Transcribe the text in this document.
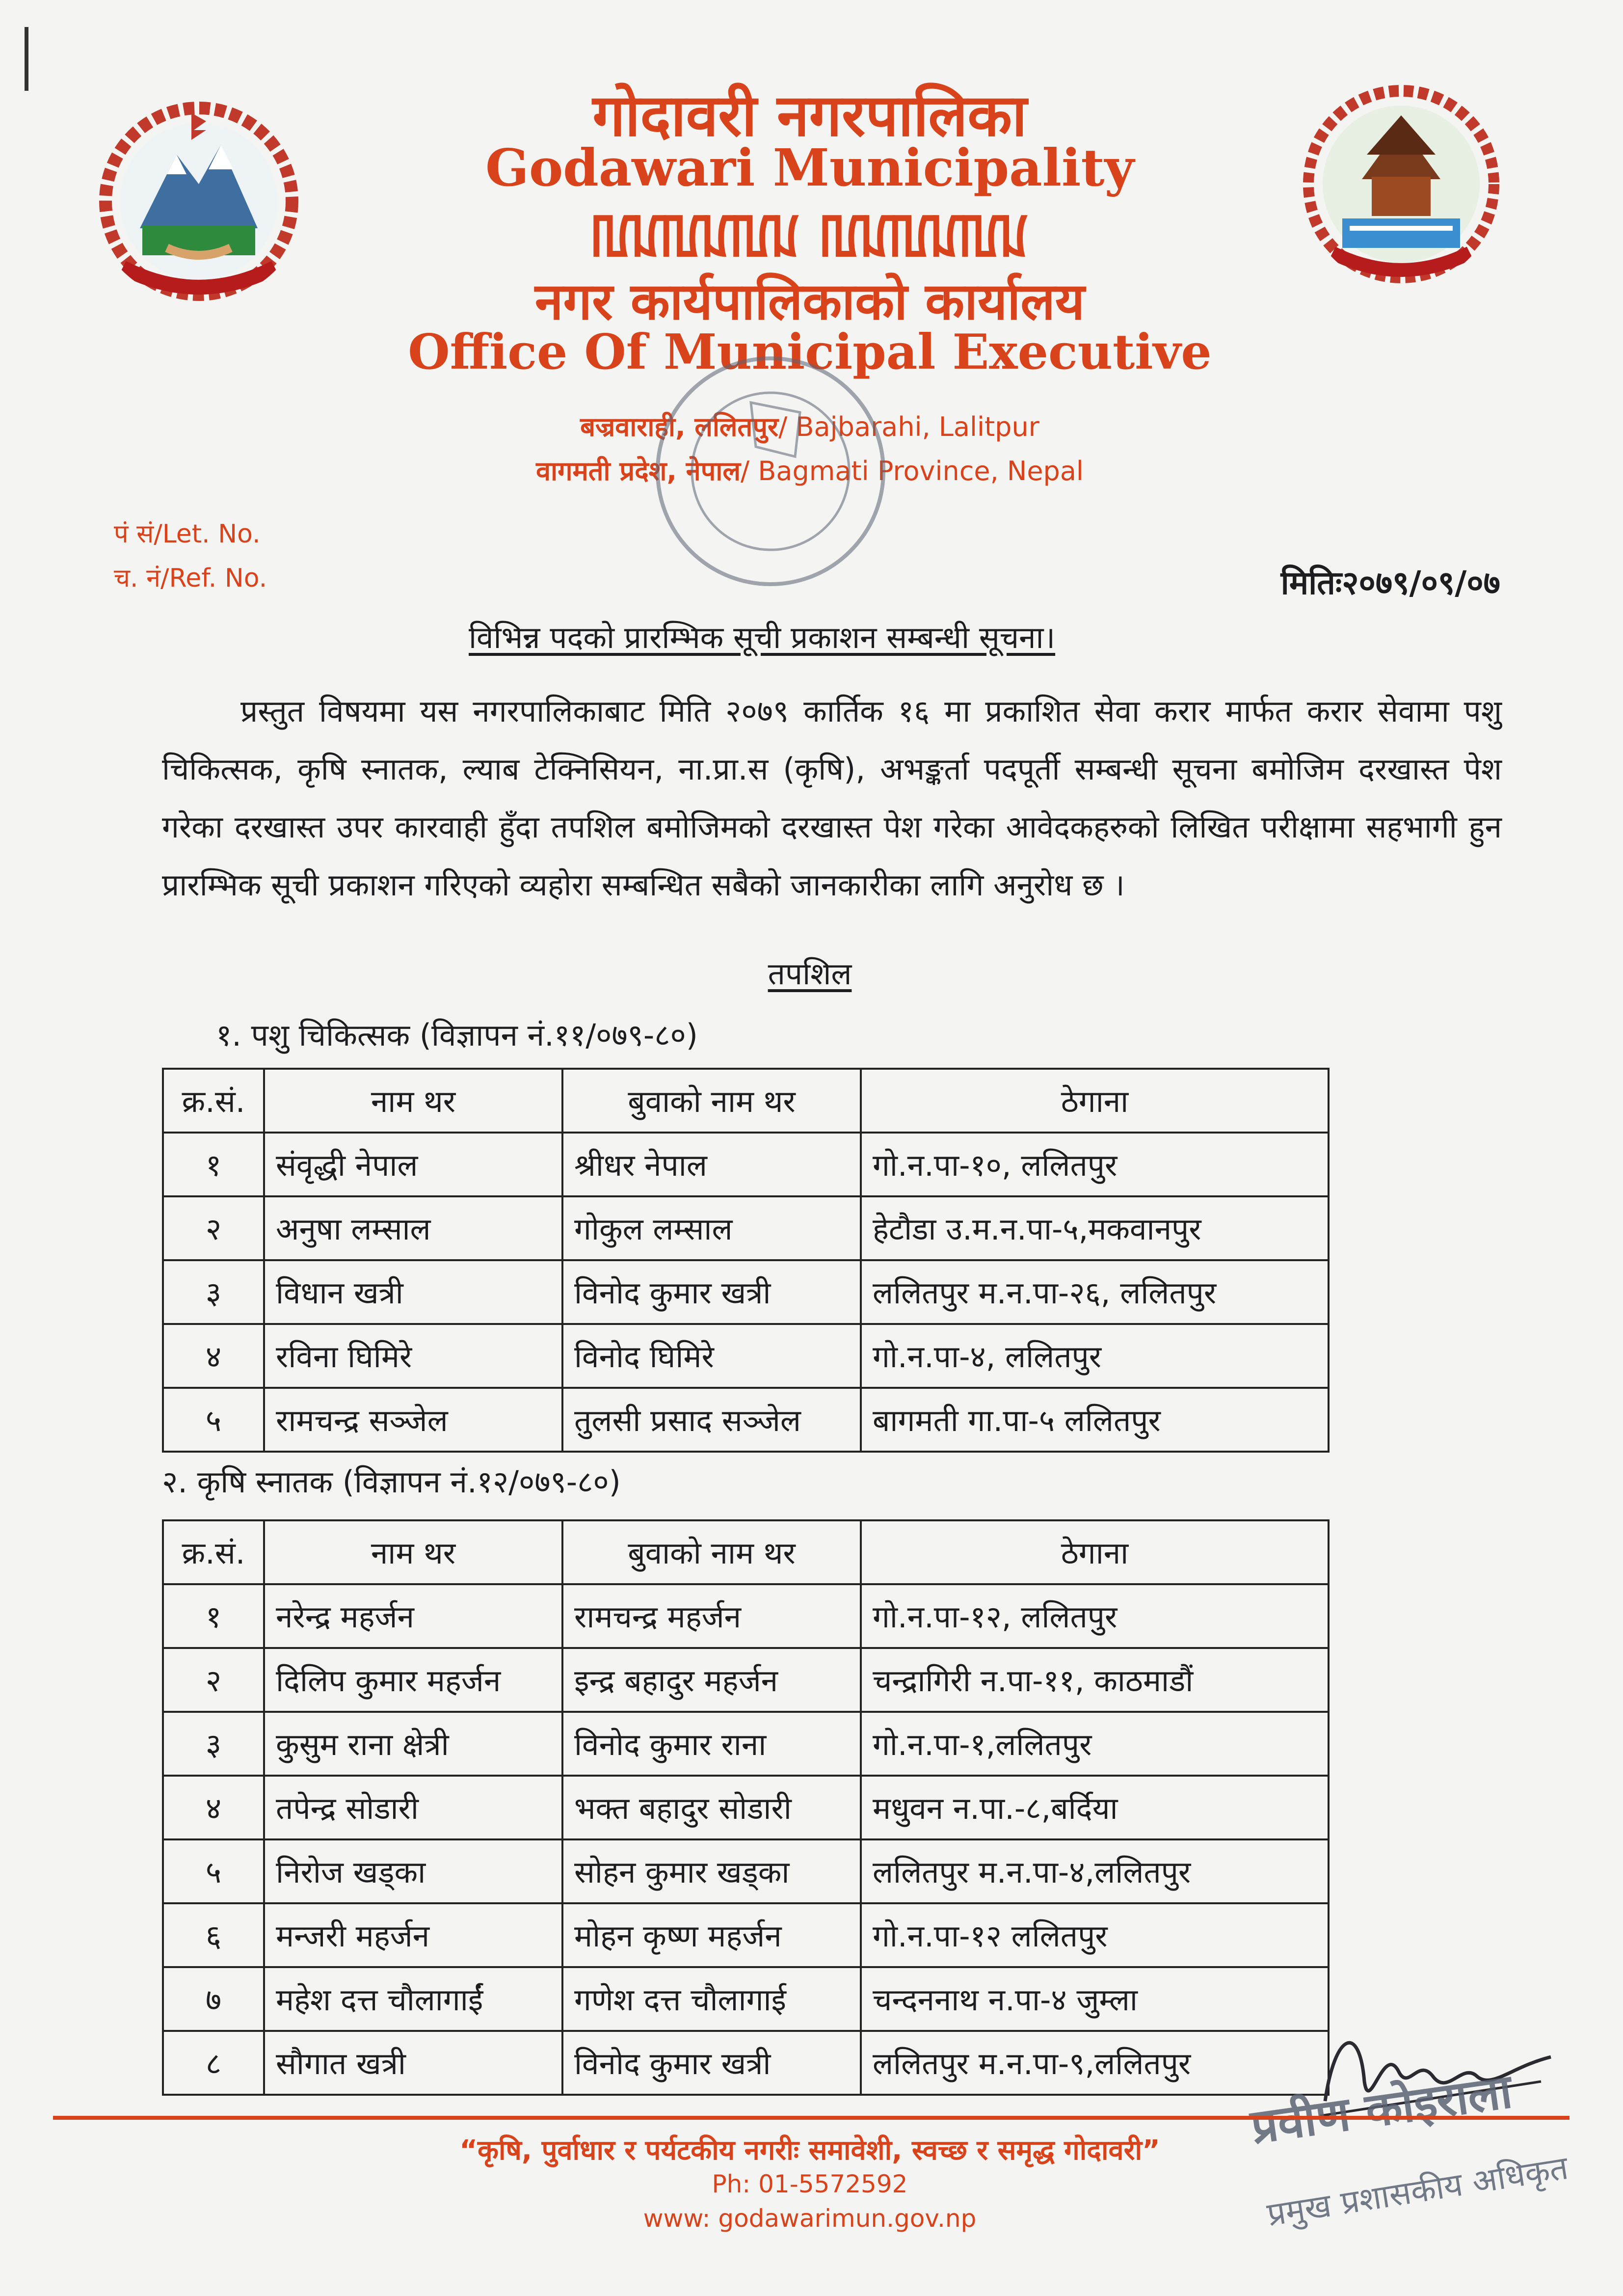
गोदावरी नगरपालिका
Godawari Municipality
ꡃꡊꡃꡊꡃꡊ ꡃꡊꡃꡊꡃꡊ
नगर कार्यपालिकाको कार्यालय
Office Of Municipal Executive
बज्रवाराही, ललितपुर/ Bajbarahi, Lalitpur
वागमती प्रदेश, नेपाल/ Bagmati Province, Nepal
पं सं/Let. No.
च. नं/Ref. No.	मितिः२०७९/०९/०७
विभिन्न पदको प्रारम्भिक सूची प्रकाशन सम्बन्धी सूचना।
प्रस्तुत विषयमा यस नगरपालिकाबाट मिति २०७९ कार्तिक १६ मा प्रकाशित सेवा करार मार्फत करार सेवामा पशु चिकित्सक, कृषि स्नातक, ल्याब टेक्निसियन, ना.प्रा.स (कृषि), अभङ्कर्ता पदपूर्ती सम्बन्धी सूचना बमोजिम दरखास्त पेश गरेका दरखास्त उपर कारवाही हुँदा तपशिल बमोजिमको दरखास्त पेश गरेका आवेदकहरुको लिखित परीक्षामा सहभागी हुन प्रारम्भिक सूची प्रकाशन गरिएको व्यहोरा सम्बन्धित सबैको जानकारीका लागि अनुरोध छ ।
तपशिल
१. पशु चिकित्सक (विज्ञापन नं.११/०७९-८०)
क्र.सं.	नाम थर	बुवाको नाम थर	ठेगाना
१	संवृद्धी नेपाल	श्रीधर नेपाल	गो.न.पा-१०, ललितपुर
२	अनुषा लम्साल	गोकुल लम्साल	हेटौडा उ.म.न.पा-५,मकवानपुर
३	विधान खत्री	विनोद कुमार खत्री	ललितपुर म.न.पा-२६, ललितपुर
४	रविना घिमिरे	विनोद घिमिरे	गो.न.पा-४, ललितपुर
५	रामचन्द्र सञ्जेल	तुलसी प्रसाद सञ्जेल	बागमती गा.पा-५ ललितपुर
२. कृषि स्नातक (विज्ञापन नं.१२/०७९-८०)
क्र.सं.	नाम थर	बुवाको नाम थर	ठेगाना
१	नरेन्द्र महर्जन	रामचन्द्र महर्जन	गो.न.पा-१२, ललितपुर
२	दिलिप कुमार महर्जन	इन्द्र बहादुर महर्जन	चन्द्रागिरी न.पा-११, काठमाडौं
३	कुसुम राना क्षेत्री	विनोद कुमार राना	गो.न.पा-१,ललितपुर
४	तपेन्द्र सोडारी	भक्त बहादुर सोडारी	मधुवन न.पा.-८,बर्दिया
५	निरोज खड्का	सोहन कुमार खड्का	ललितपुर म.न.पा-४,ललितपुर
६	मन्जरी महर्जन	मोहन कृष्ण महर्जन	गो.न.पा-१२ ललितपुर
७	महेश दत्त चौलागाईं	गणेश दत्त चौलागाई	चन्दननाथ न.पा-४ जुम्ला
८	सौगात खत्री	विनोद कुमार खत्री	ललितपुर म.न.पा-९,ललितपुर प्रवीण कोइराला
प्रमुख प्रशासकीय अधिकृत
“कृषि, पुर्वाधार र पर्यटकीय नगरीः समावेशी, स्वच्छ र समृद्ध गोदावरी”
Ph: 01-5572592
www: godawarimun.gov.np
